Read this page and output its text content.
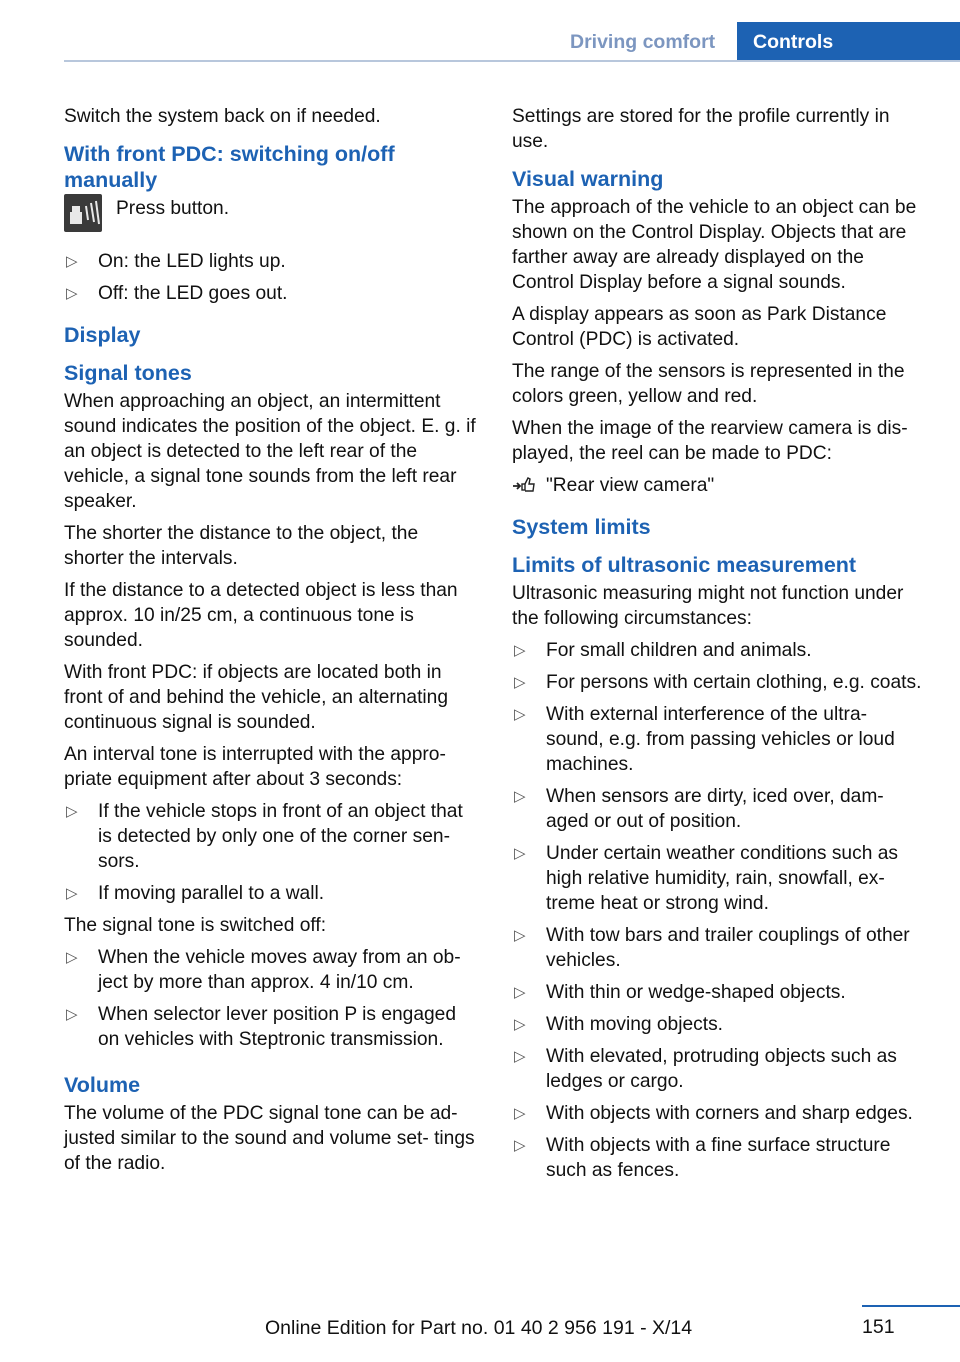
Driving comfort	Controls

Switch the system back on if needed.

With front PDC: switching on/off manually
Press button.
▷ On: the LED lights up.
▷ Off: the LED goes out.
Display
Signal tones

When approaching an object, an intermittent sound indicates the position of the object. E. g. if an object is detected to the left rear of the vehicle, a signal tone sounds from the left rear speaker.

The shorter the distance to the object, the shorter the intervals.

If the distance to a detected object is less than approx. 10 in/25 cm, a continuous tone is sounded.

With front PDC: if objects are located both in front of and behind the vehicle, an alternating continuous signal is sounded.

An interval tone is interrupted with the appro‐ priate equipment after about 3 seconds:

▷ If the vehicle stops in front of an object that is detected by only one of the corner sen‐ sors.
▷ If moving parallel to a wall.

The signal tone is switched off:

▷ When the vehicle moves away from an ob‐ ject by more than approx. 4 in/10 cm.
▷ When selector lever position P is engaged on vehicles with Steptronic transmission.
Volume

The volume of the PDC signal tone can be ad‐ justed similar to the sound and volume set‐ tings of the radio.

Settings are stored for the profile currently in use.

Visual warning

The approach of the vehicle to an object can be shown on the Control Display. Objects that are farther away are already displayed on the Control Display before a signal sounds.

A display appears as soon as Park Distance Control (PDC) is activated.

The range of the sensors is represented in the colors green, yellow and red.

When the image of the rearview camera is dis‐ played, the reel can be made to PDC:

"Rear view camera"
System limits
Limits of ultrasonic measurement

Ultrasonic measuring might not function under the following circumstances:

▷ For small children and animals.
▷ For persons with certain clothing, e.g. coats.
▷ With external interference of the ultra‐ sound, e.g. from passing vehicles or loud machines.
▷ When sensors are dirty, iced over, dam‐ aged or out of position.
▷ Under certain weather conditions such as high relative humidity, rain, snowfall, ex‐ treme heat or strong wind.
▷ With tow bars and trailer couplings of other vehicles.
▷ With thin or wedge-shaped objects.
▷ With moving objects.
▷ With elevated, protruding objects such as ledges or cargo.
▷ With objects with corners and sharp edges.
▷ With objects with a fine surface structure such as fences.
151
Online Edition for Part no. 01 40 2 956 191 - X/14
